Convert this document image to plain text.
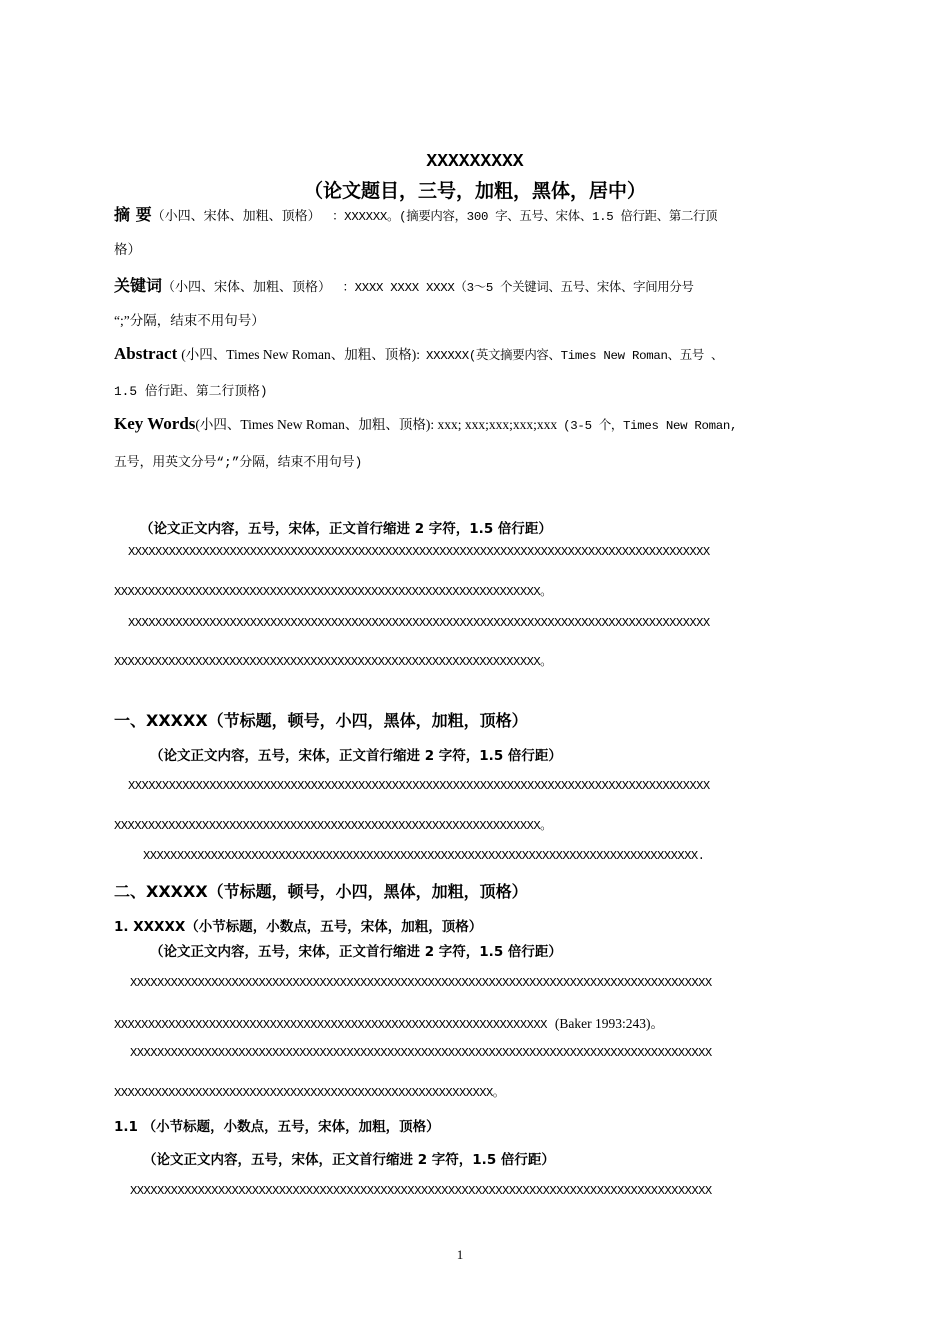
XXXXXXXXX
（论文题目，三号，加粗，黑体，居中）
摘 要（小四、宋体、加粗、顶格） ：XXXXXX。(摘要内容，300 字、五号、宋体、1.5 倍行距、第二行顶
格）
关键词（小四、宋体、加粗、顶格） ：XXXX XXXX XXXX（3～5 个关键词、五号、宋体、字间用分号
“;”分隔，结束不用句号）
Abstract (小四、Times New Roman、加粗、顶格): XXXXXX(英文摘要内容、Times New Roman、五号 、
1.5 倍行距、第二行顶格)
Key Words(小四、Times New Roman、加粗、顶格): xxx; xxx;xxx;xxx;xxx (3-5 个，Times New Roman,
五号，用英文分号“;”分隔，结束不用句号)
（论文正文内容，五号，宋体，正文首行缩进 2 字符，1.5 倍行距）
XXXXXXXXXXXXXXXXXXXXXXXXXXXXXXXXXXXXXXXXXXXXXXXXXXXXXXXXXXXXXXXXXXXXXXXXXXXXXXXXXXXXXX
XXXXXXXXXXXXXXXXXXXXXXXXXXXXXXXXXXXXXXXXXXXXXXXXXXXXXXXXXXXXXXX。
XXXXXXXXXXXXXXXXXXXXXXXXXXXXXXXXXXXXXXXXXXXXXXXXXXXXXXXXXXXXXXXXXXXXXXXXXXXXXXXXXXXXXX
XXXXXXXXXXXXXXXXXXXXXXXXXXXXXXXXXXXXXXXXXXXXXXXXXXXXXXXXXXXXXXX。
一、XXXXX（节标题，顿号，小四，黑体，加粗，顶格）
（论文正文内容，五号，宋体，正文首行缩进 2 字符，1.5 倍行距）
XXXXXXXXXXXXXXXXXXXXXXXXXXXXXXXXXXXXXXXXXXXXXXXXXXXXXXXXXXXXXXXXXXXXXXXXXXXXXXXXXXXXXX
XXXXXXXXXXXXXXXXXXXXXXXXXXXXXXXXXXXXXXXXXXXXXXXXXXXXXXXXXXXXXXX。
XXXXXXXXXXXXXXXXXXXXXXXXXXXXXXXXXXXXXXXXXXXXXXXXXXXXXXXXXXXXXXXXXXXXXXXXXXXXXXXXXX.
二、XXXXX（节标题，顿号，小四，黑体，加粗，顶格）
1. XXXXX（小节标题，小数点，五号，宋体，加粗，顶格）
（论文正文内容，五号，宋体，正文首行缩进 2 字符，1.5 倍行距）
XXXXXXXXXXXXXXXXXXXXXXXXXXXXXXXXXXXXXXXXXXXXXXXXXXXXXXXXXXXXXXXXXXXXXXXXXXXXXXXXXXXXXX
XXXXXXXXXXXXXXXXXXXXXXXXXXXXXXXXXXXXXXXXXXXXXXXXXXXXXXXXXXXXXXXX (Baker 1993:243)。
XXXXXXXXXXXXXXXXXXXXXXXXXXXXXXXXXXXXXXXXXXXXXXXXXXXXXXXXXXXXXXXXXXXXXXXXXXXXXXXXXXXXXX
XXXXXXXXXXXXXXXXXXXXXXXXXXXXXXXXXXXXXXXXXXXXXXXXXXXXXXXX。
1.1 （小节标题，小数点，五号，宋体，加粗，顶格）
（论文正文内容，五号，宋体，正文首行缩进 2 字符，1.5 倍行距）
XXXXXXXXXXXXXXXXXXXXXXXXXXXXXXXXXXXXXXXXXXXXXXXXXXXXXXXXXXXXXXXXXXXXXXXXXXXXXXXXXXXXXX
1
